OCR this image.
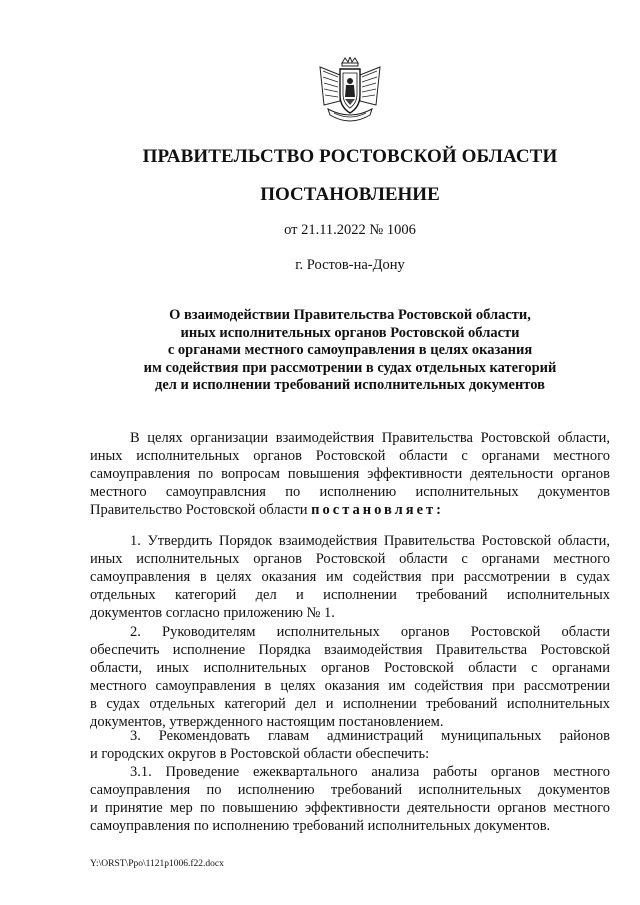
ПРАВИТЕЛЬСТВО РОСТОВСКОЙ ОБЛАСТИ
ПОСТАНОВЛЕНИЕ
от 21.11.2022 № 1006
г. Ростов-на-Дону
О взаимодействии Правительства Ростовской области,
иных исполнительных органов Ростовской области
с органами местного самоуправления в целях оказания
им содействия при рассмотрении в судах отдельных категорий
дел и исполнении требований исполнительных документов
В целях организации взаимодействия Правительства Ростовской области,
иных исполнительных органов Ростовской области с органами местного
самоуправления по вопросам повышения эффективности деятельности органов
местного самоуправлсния по исполнению исполнительных документов
Правительство Ростовской области постановляет:
1. Утвердить Порядок взаимодействия Правительства Ростовской области,
иных исполнительных органов Ростовской области с органами местного
самоуправления в целях оказания им содействия при рассмотрении в судах
отдельных категорий дел и исполнении требований исполнительных
документов согласно приложению № 1.
2. Руководителям исполнительных органов Ростовской области
обеспечить исполнение Порядка взаимодействия Правительства Ростовской
области, иных исполнительных органов Ростовской области с органами
местного самоуправления в целях оказания им содействия при рассмотрении
в судах отдельных категорий дел и исполнении требований исполнительных
документов, утвержденного настоящим постановлением.
3. Рекомендовать главам администраций муниципальных районов
и городских округов в Ростовской области обеспечить:
3.1. Проведение ежеквартального анализа работы органов местного
самоуправления по исполнению требований исполнительных документов
и принятие мер по повышению эффективности деятельности органов местного
самоуправления по исполнению требований исполнительных документов.
Y:\ORST\Ppo\1121p1006.f22.docx
